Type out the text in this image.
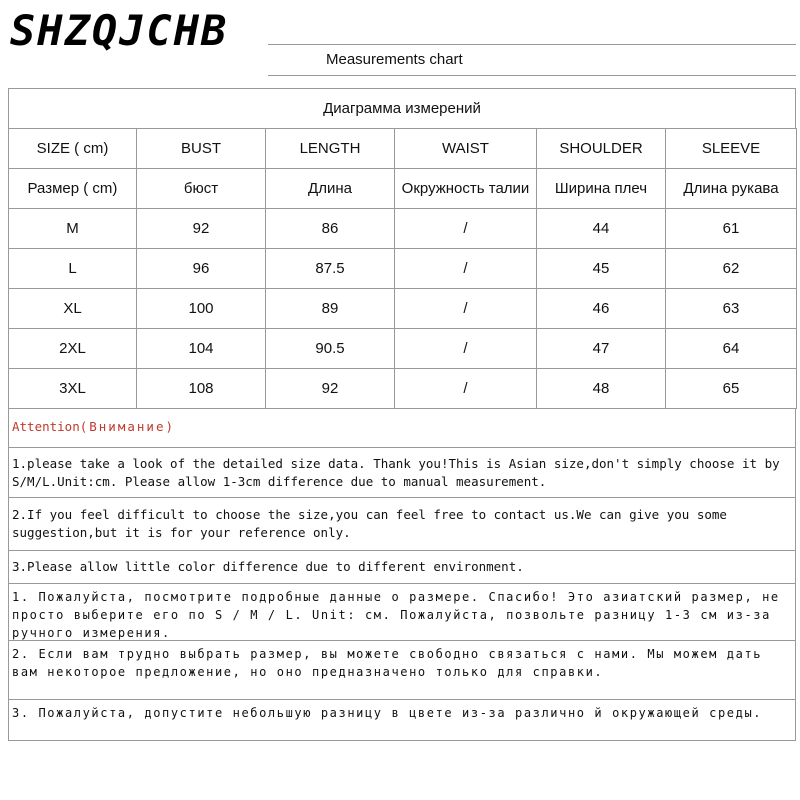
SHZQJCHB
Measurements chart
Диаграмма измерений
SIZE ( cm)	BUST	LENGTH	WAIST	SHOULDER	SLEEVE
Размер ( cm)	бюст	Длина	Окружность талии	Ширина плеч	Длина рукава
M	92	86	/	44	61
L	96	87.5	/	45	62
XL	100	89	/	46	63
2XL	104	90.5	/	47	64
3XL	108	92	/	48	65
Attention(Внимание)
1.please take a look of the detailed size data. Thank you!This is Asian size,don't simply choose it by S/M/L.Unit:cm. Please allow 1-3cm difference due to manual measurement.
2.If you feel difficult to choose the size,you can feel free to contact us.We can give you some suggestion,but it is for your reference only.
3.Please allow little color difference due to different environment.
1. Пожалуйста, посмотрите подробные данные о размере. Спасибо! Это азиатский размер, не просто выберите его по S / M / L. Unit: см. Пожалуйста, позвольте разницу 1-3 см из-за ручного измерения.
2. Если вам трудно выбрать размер, вы можете свободно связаться с нами. Мы можем дать вам некоторое предложение, но оно предназначено только для справки.
3. Пожалуйста, допустите небольшую разницу в цвете из-за различно й окружающей среды.
